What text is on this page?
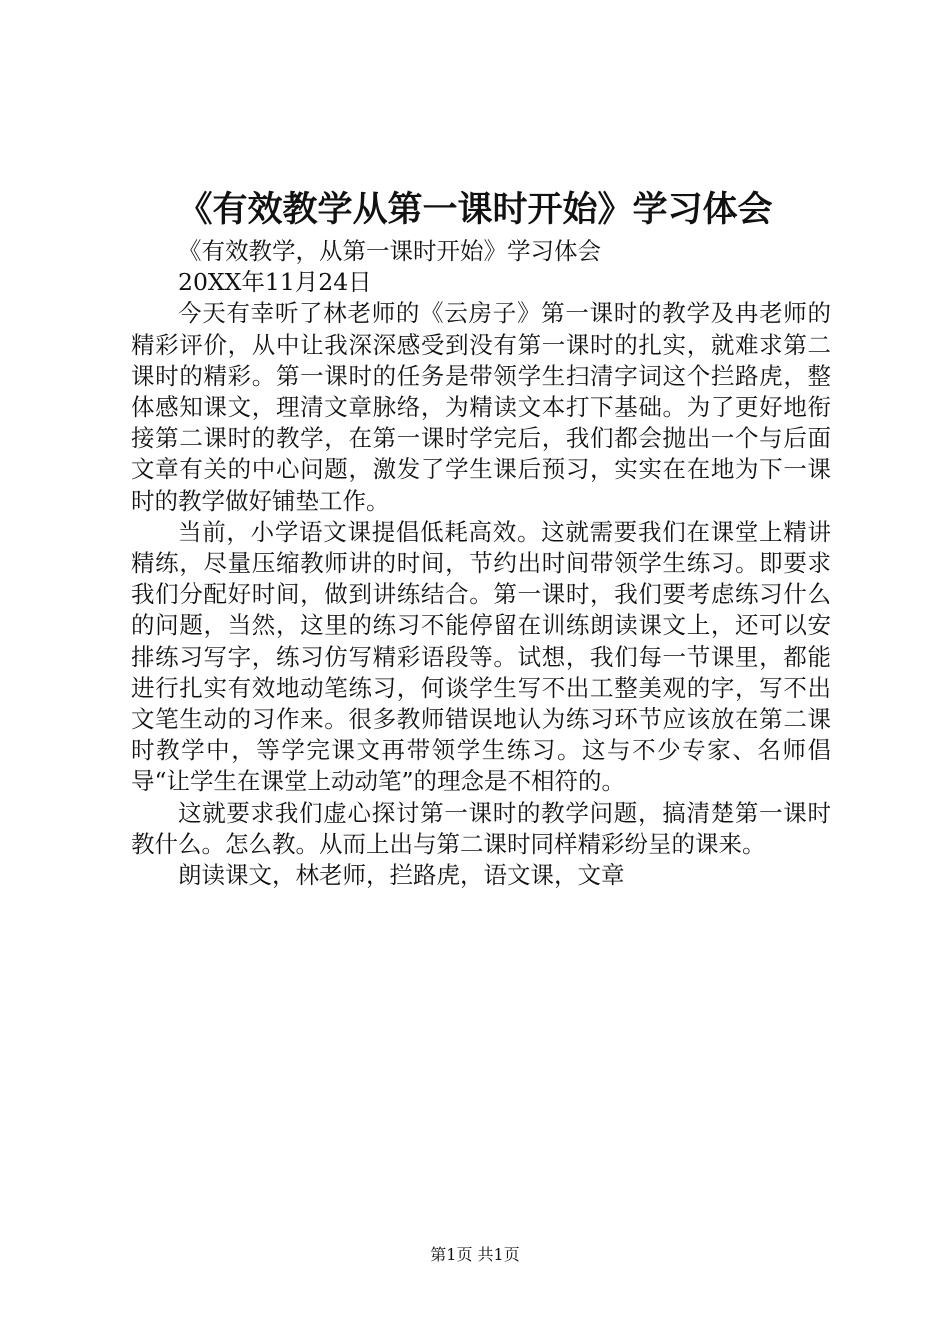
《有效教学从第一课时开始》学习体会

《有效教学，从第一课时开始》学习体会

20XX年11月24日

今天有幸听了林老师的《云房子》第一课时的教学及冉老师的精彩评价，从中让我深深感受到没有第一课时的扎实，就难求第二课时的精彩。第一课时的任务是带领学生扫清字词这个拦路虎，整体感知课文，理清文章脉络，为精读文本打下基础。为了更好地衔接第二课时的教学，在第一课时学完后，我们都会抛出一个与后面文章有关的中心问题，激发了学生课后预习，实实在在地为下一课时的教学做好铺垫工作。

当前，小学语文课提倡低耗高效。这就需要我们在课堂上精讲精练，尽量压缩教师讲的时间，节约出时间带领学生练习。即要求我们分配好时间，做到讲练结合。第一课时，我们要考虑练习什么的问题，当然，这里的练习不能停留在训练朗读课文上，还可以安排练习写字，练习仿写精彩语段等。试想，我们每一节课里，都能进行扎实有效地动笔练习，何谈学生写不出工整美观的字，写不出文笔生动的习作来。很多教师错误地认为练习环节应该放在第二课时教学中，等学完课文再带领学生练习。这与不少专家、名师倡导“让学生在课堂上动动笔”的理念是不相符的。

这就要求我们虚心探讨第一课时的教学问题，搞清楚第一课时教什么。怎么教。从而上出与第二课时同样精彩纷呈的课来。

朗读课文，林老师，拦路虎，语文课，文章

第1页 共1页
